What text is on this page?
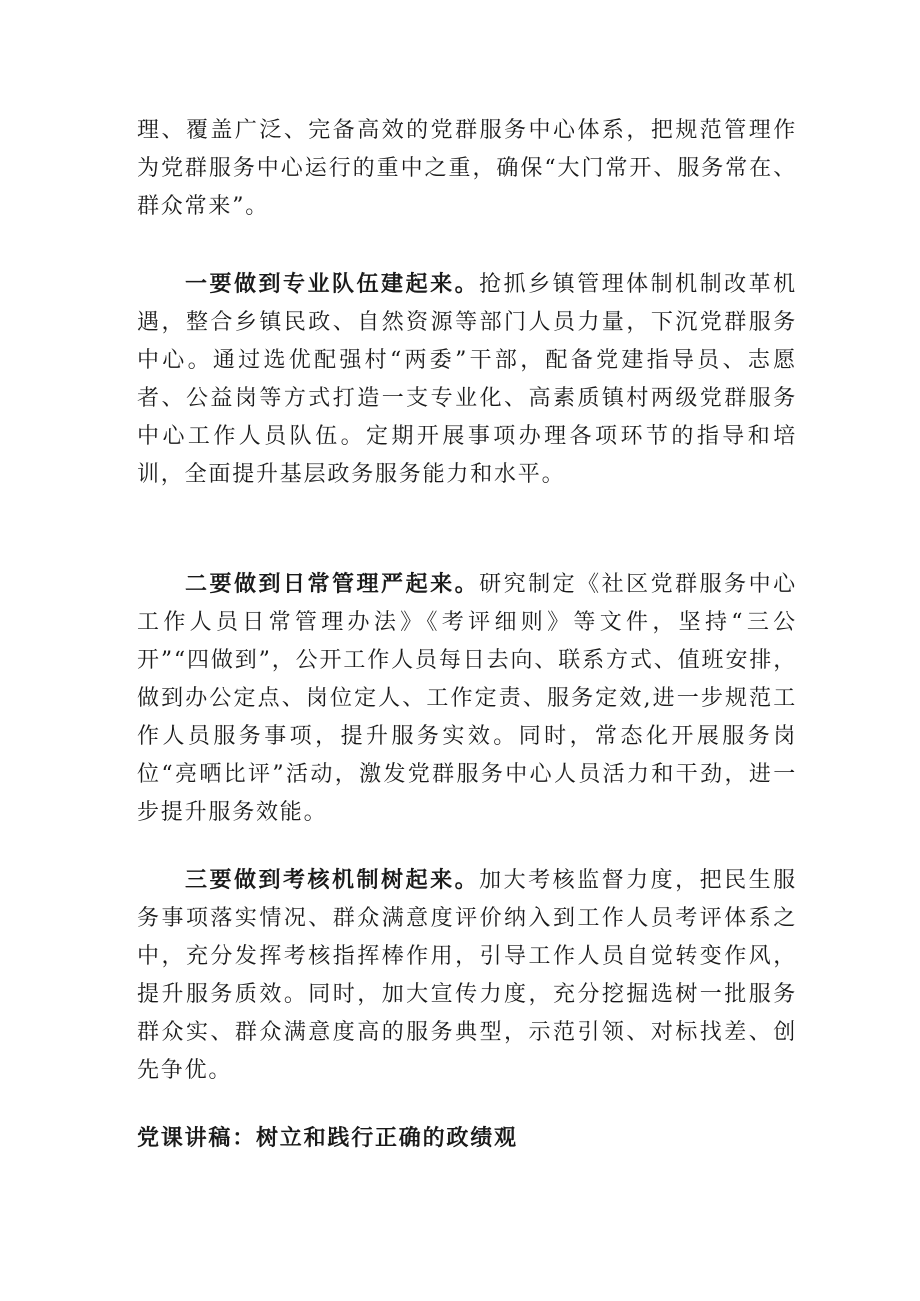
理、覆盖广泛、完备高效的党群服务中心体系，把规范管理作为党群服务中心运行的重中之重，确保“大门常开、服务常在、群众常来”。

一要做到专业队伍建起来。抢抓乡镇管理体制机制改革机遇，整合乡镇民政、自然资源等部门人员力量，下沉党群服务中心。通过选优配强村“两委”干部，配备党建指导员、志愿者、公益岗等方式打造一支专业化、高素质镇村两级党群服务中心工作人员队伍。定期开展事项办理各项环节的指导和培训，全面提升基层政务服务能力和水平。

二要做到日常管理严起来。研究制定《社区党群服务中心工作人员日常管理办法》《考评细则》等文件，坚持“三公开”“四做到”，公开工作人员每日去向、联系方式、值班安排，做到办公定点、岗位定人、工作定责、服务定效,进一步规范工作人员服务事项，提升服务实效。同时，常态化开展服务岗位“亮晒比评”活动，激发党群服务中心人员活力和干劲，进一步提升服务效能。

三要做到考核机制树起来。加大考核监督力度，把民生服务事项落实情况、群众满意度评价纳入到工作人员考评体系之中，充分发挥考核指挥棒作用，引导工作人员自觉转变作风，提升服务质效。同时，加大宣传力度，充分挖掘选树一批服务群众实、群众满意度高的服务典型，示范引领、对标找差、创先争优。

党课讲稿：树立和践行正确的政绩观
